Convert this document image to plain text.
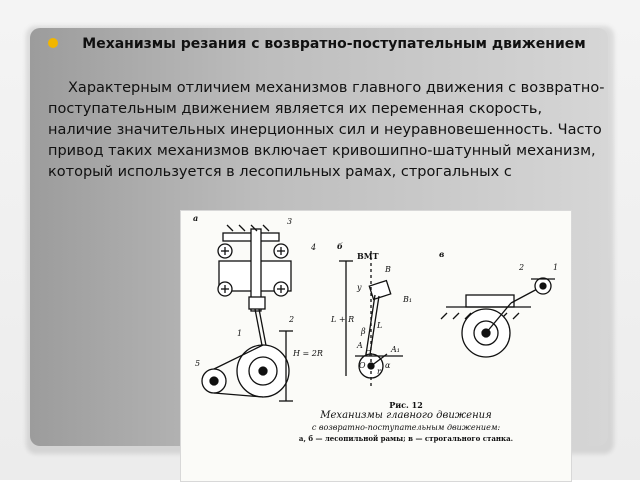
Механизмы резания с возвратно-поступательным движением

Характерным отличием механизмов главного движения с возвратно-поступательным движением является их переменная скорость, наличие значительных инерционных сил и неуравновешенность. Часто привод таких механизмов включает кривошипно-шатунный механизм, который используется в лесопильных рамах, строгальных с
а	3
4
1
2
5
H = 2R
б
ВМТ
B
B₁
y
L
L + R
β
A	A₁
C
O α
r
в
2	1
Рис. 12
Механизмы главного движения
с возвратно-поступательным движением:
а, б — лесопильной рамы; в — строгального станка.
